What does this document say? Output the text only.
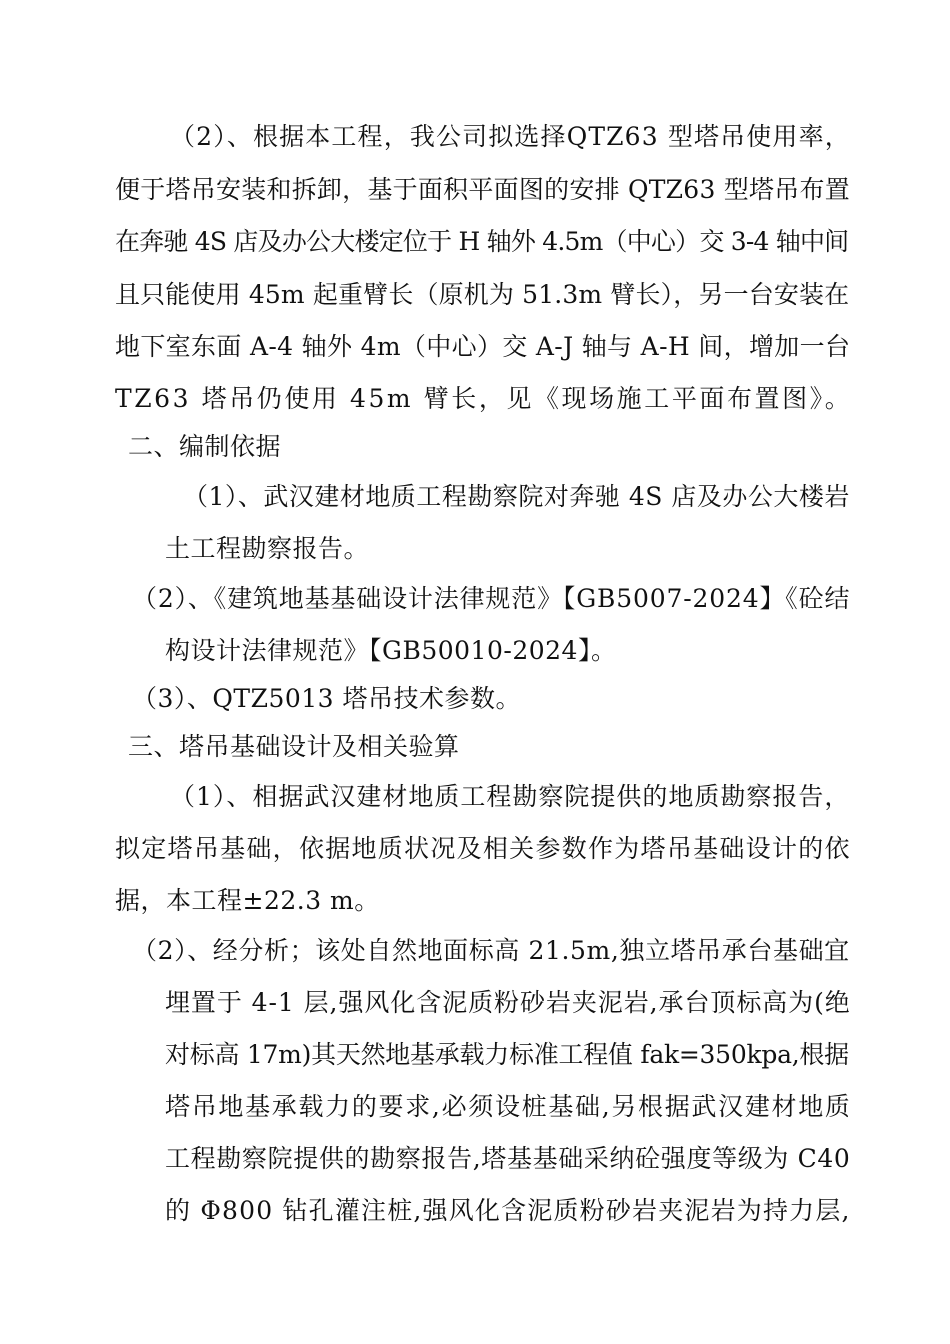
（2）、根据本工程，我公司拟选择QTZ63 型塔吊使用率，
便于塔吊安装和拆卸，基于面积平面图的安排 QTZ63 型塔吊布置
在奔驰 4S 店及办公大楼定位于 H 轴外 4.5m（中心）交 3-4 轴中间
且只能使用 45m 起重臂长（原机为 51.3m 臂长），另一台安装在
地下室东面 A-4 轴外 4m（中心）交 A-J 轴与 A-H 间，增加一台
TZ63 塔吊仍使用 45m 臂长，见《现场施工平面布置图》。
二、编制依据
（1）、武汉建材地质工程勘察院对奔驰 4S 店及办公大楼岩
土工程勘察报告。
（2）、《建筑地基基础设计法律规范》【GB5007-2024】《砼结
构设计法律规范》【GB50010-2024】。
（3）、QTZ5013 塔吊技术参数。
三、塔吊基础设计及相关验算
（1）、相据武汉建材地质工程勘察院提供的地质勘察报告，
拟定塔吊基础，依据地质状况及相关参数作为塔吊基础设计的依
据，本工程±22.3 m。
（2）、经分析；该处自然地面标高 21.5m,独立塔吊承台基础宜
埋置于 4-1 层,强风化含泥质粉砂岩夹泥岩,承台顶标高为(绝
对标高 17m)其天然地基承载力标准工程值 fak=350kpa,根据
塔吊地基承载力的要求,必须设桩基础,另根据武汉建材地质
工程勘察院提供的勘察报告,塔基基础采纳砼强度等级为 C40
的 Φ800 钻孔灌注桩,强风化含泥质粉砂岩夹泥岩为持力层,
